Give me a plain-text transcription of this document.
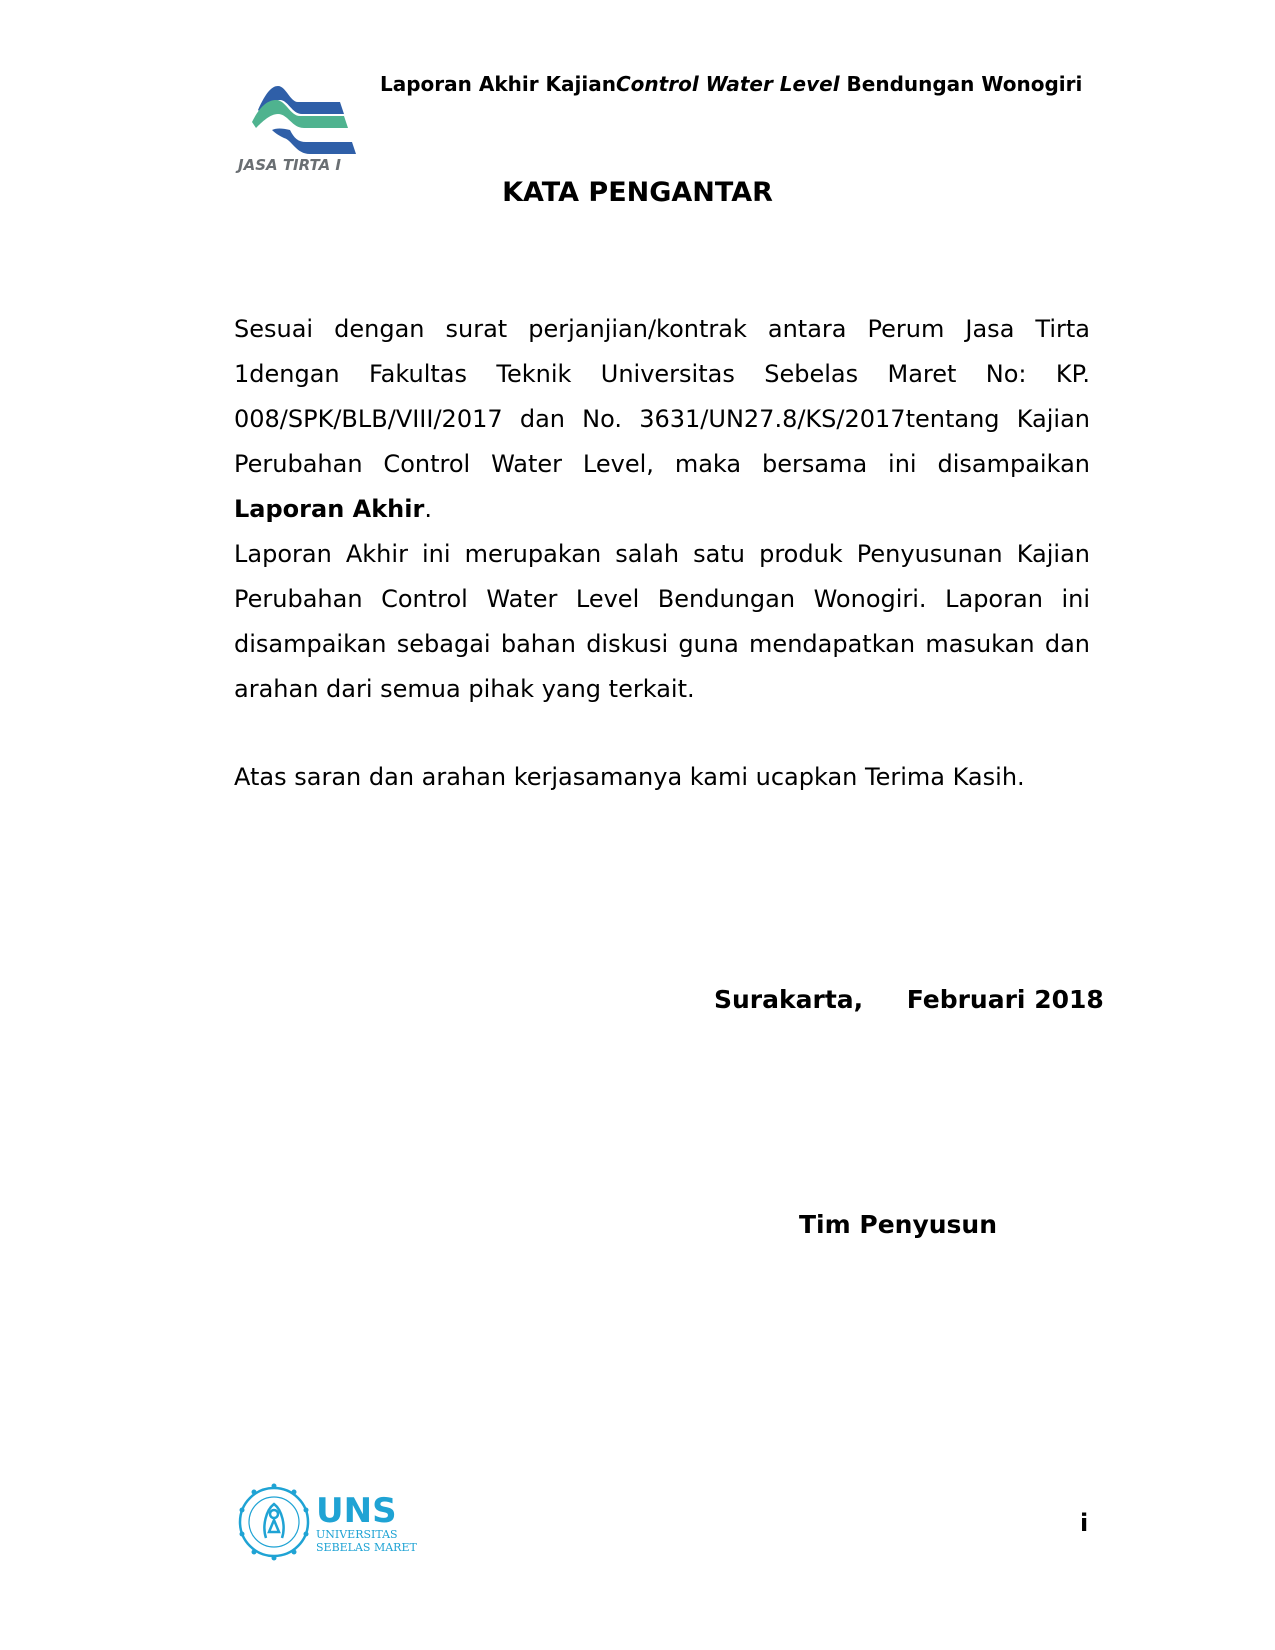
Laporan Akhir KajianControl Water Level Bendungan Wonogiri
JASA TIRTA I
KATA PENGANTAR
Sesuai dengan surat perjanjian/kontrak antara Perum Jasa Tirta 1dengan Fakultas Teknik Universitas Sebelas Maret No: KP. 008/SPK/BLB/VIII/2017 dan No. 3631/UN27.8/KS/2017tentang Kajian Perubahan Control Water Level, maka bersama ini disampaikan Laporan Akhir.
Laporan Akhir ini merupakan salah satu produk Penyusunan Kajian Perubahan Control Water Level Bendungan Wonogiri. Laporan ini disampaikan sebagai bahan diskusi guna mendapatkan masukan dan arahan dari semua pihak yang terkait.
Atas saran dan arahan kerjasamanya kami ucapkan Terima Kasih.
Surakarta, Februari 2018
Tim Penyusun
UNS
UNIVERSITAS
SEBELAS MARET
i
